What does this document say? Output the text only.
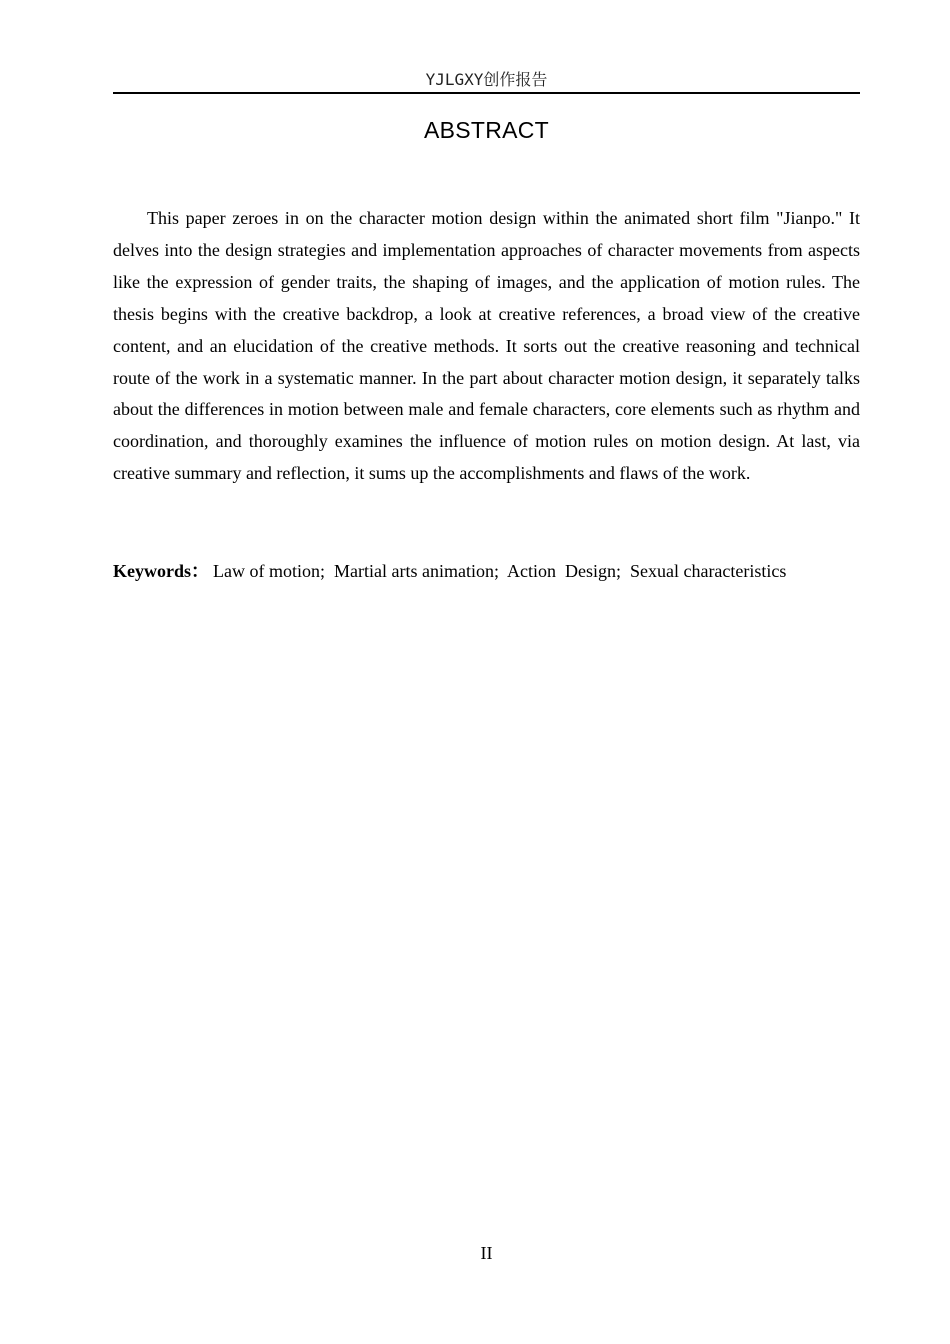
YJLGXY创作报告
ABSTRACT

This paper zeroes in on the character motion design within the animated short film "Jianpo." It delves into the design strategies and implementation approaches of character movements from aspects like the expression of gender traits, the shaping of images, and the application of motion rules. The thesis begins with the creative backdrop, a look at creative references, a broad view of the creative content, and an elucidation of the creative methods. It sorts out the creative reasoning and technical route of the work in a systematic manner. In the part about character motion design, it separately talks about the differences in motion between male and female characters, core elements such as rhythm and coordination, and thoroughly examines the influence of motion rules on motion design. At last, via creative summary and reflection, it sums up the accomplishments and flaws of the work.

Keywords： Law of motion;  Martial arts animation;  Action  Design;  Sexual characteristics
II
